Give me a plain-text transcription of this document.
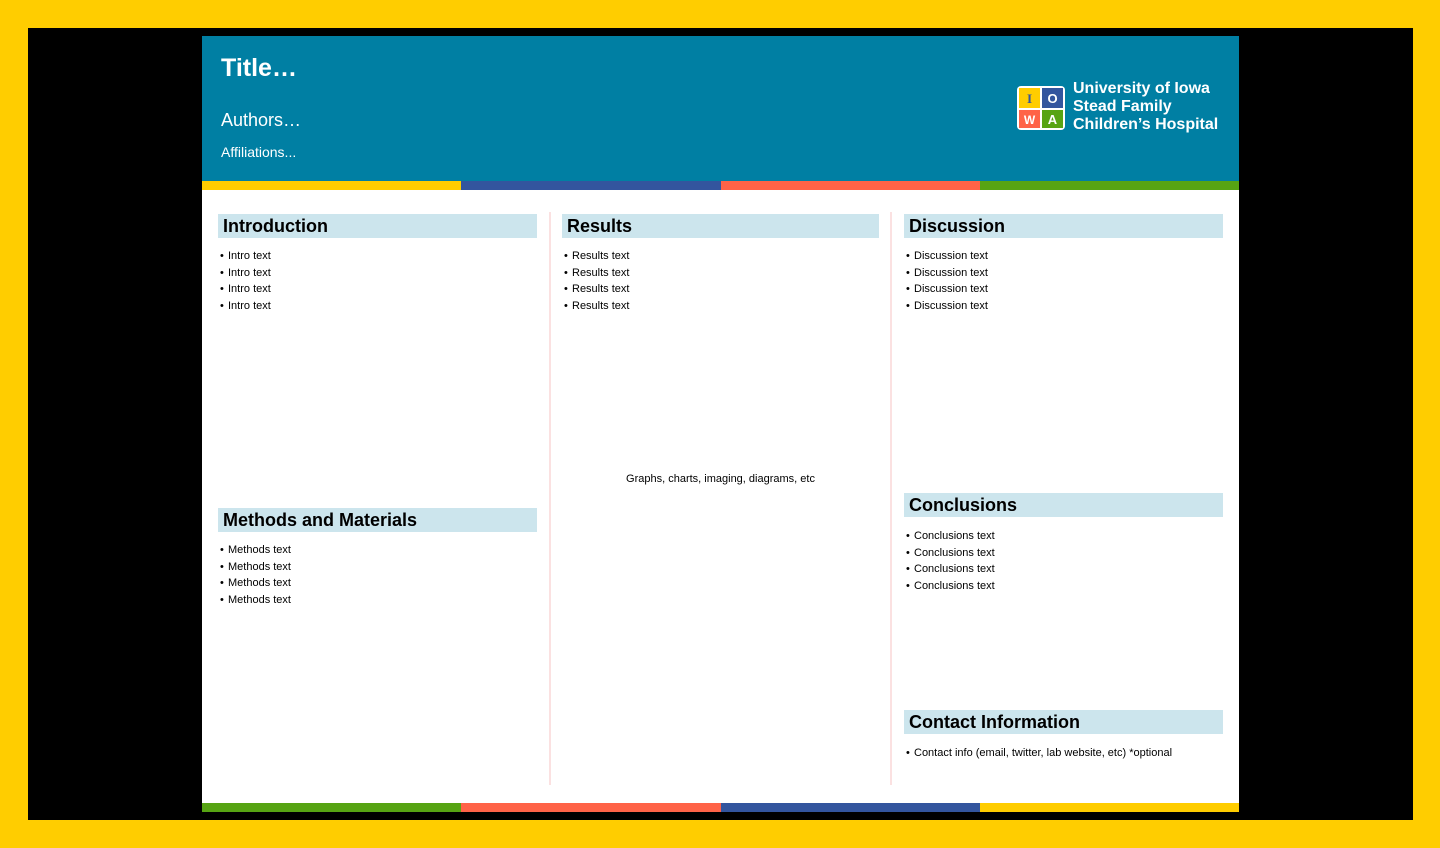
Title…
Authors…
Affiliations...
I O
W A
University of Iowa
Stead Family
Children’s Hospital
Introduction
• Intro text
• Intro text
• Intro text
• Intro text
Methods and Materials
• Methods text
• Methods text
• Methods text
• Methods text
Results
• Results text
• Results text
• Results text
• Results text
Graphs, charts, imaging, diagrams, etc
Discussion
• Discussion text
• Discussion text
• Discussion text
• Discussion text
Conclusions
• Conclusions text
• Conclusions text
• Conclusions text
• Conclusions text
Contact Information
• Contact info (email, twitter, lab website, etc) *optional
